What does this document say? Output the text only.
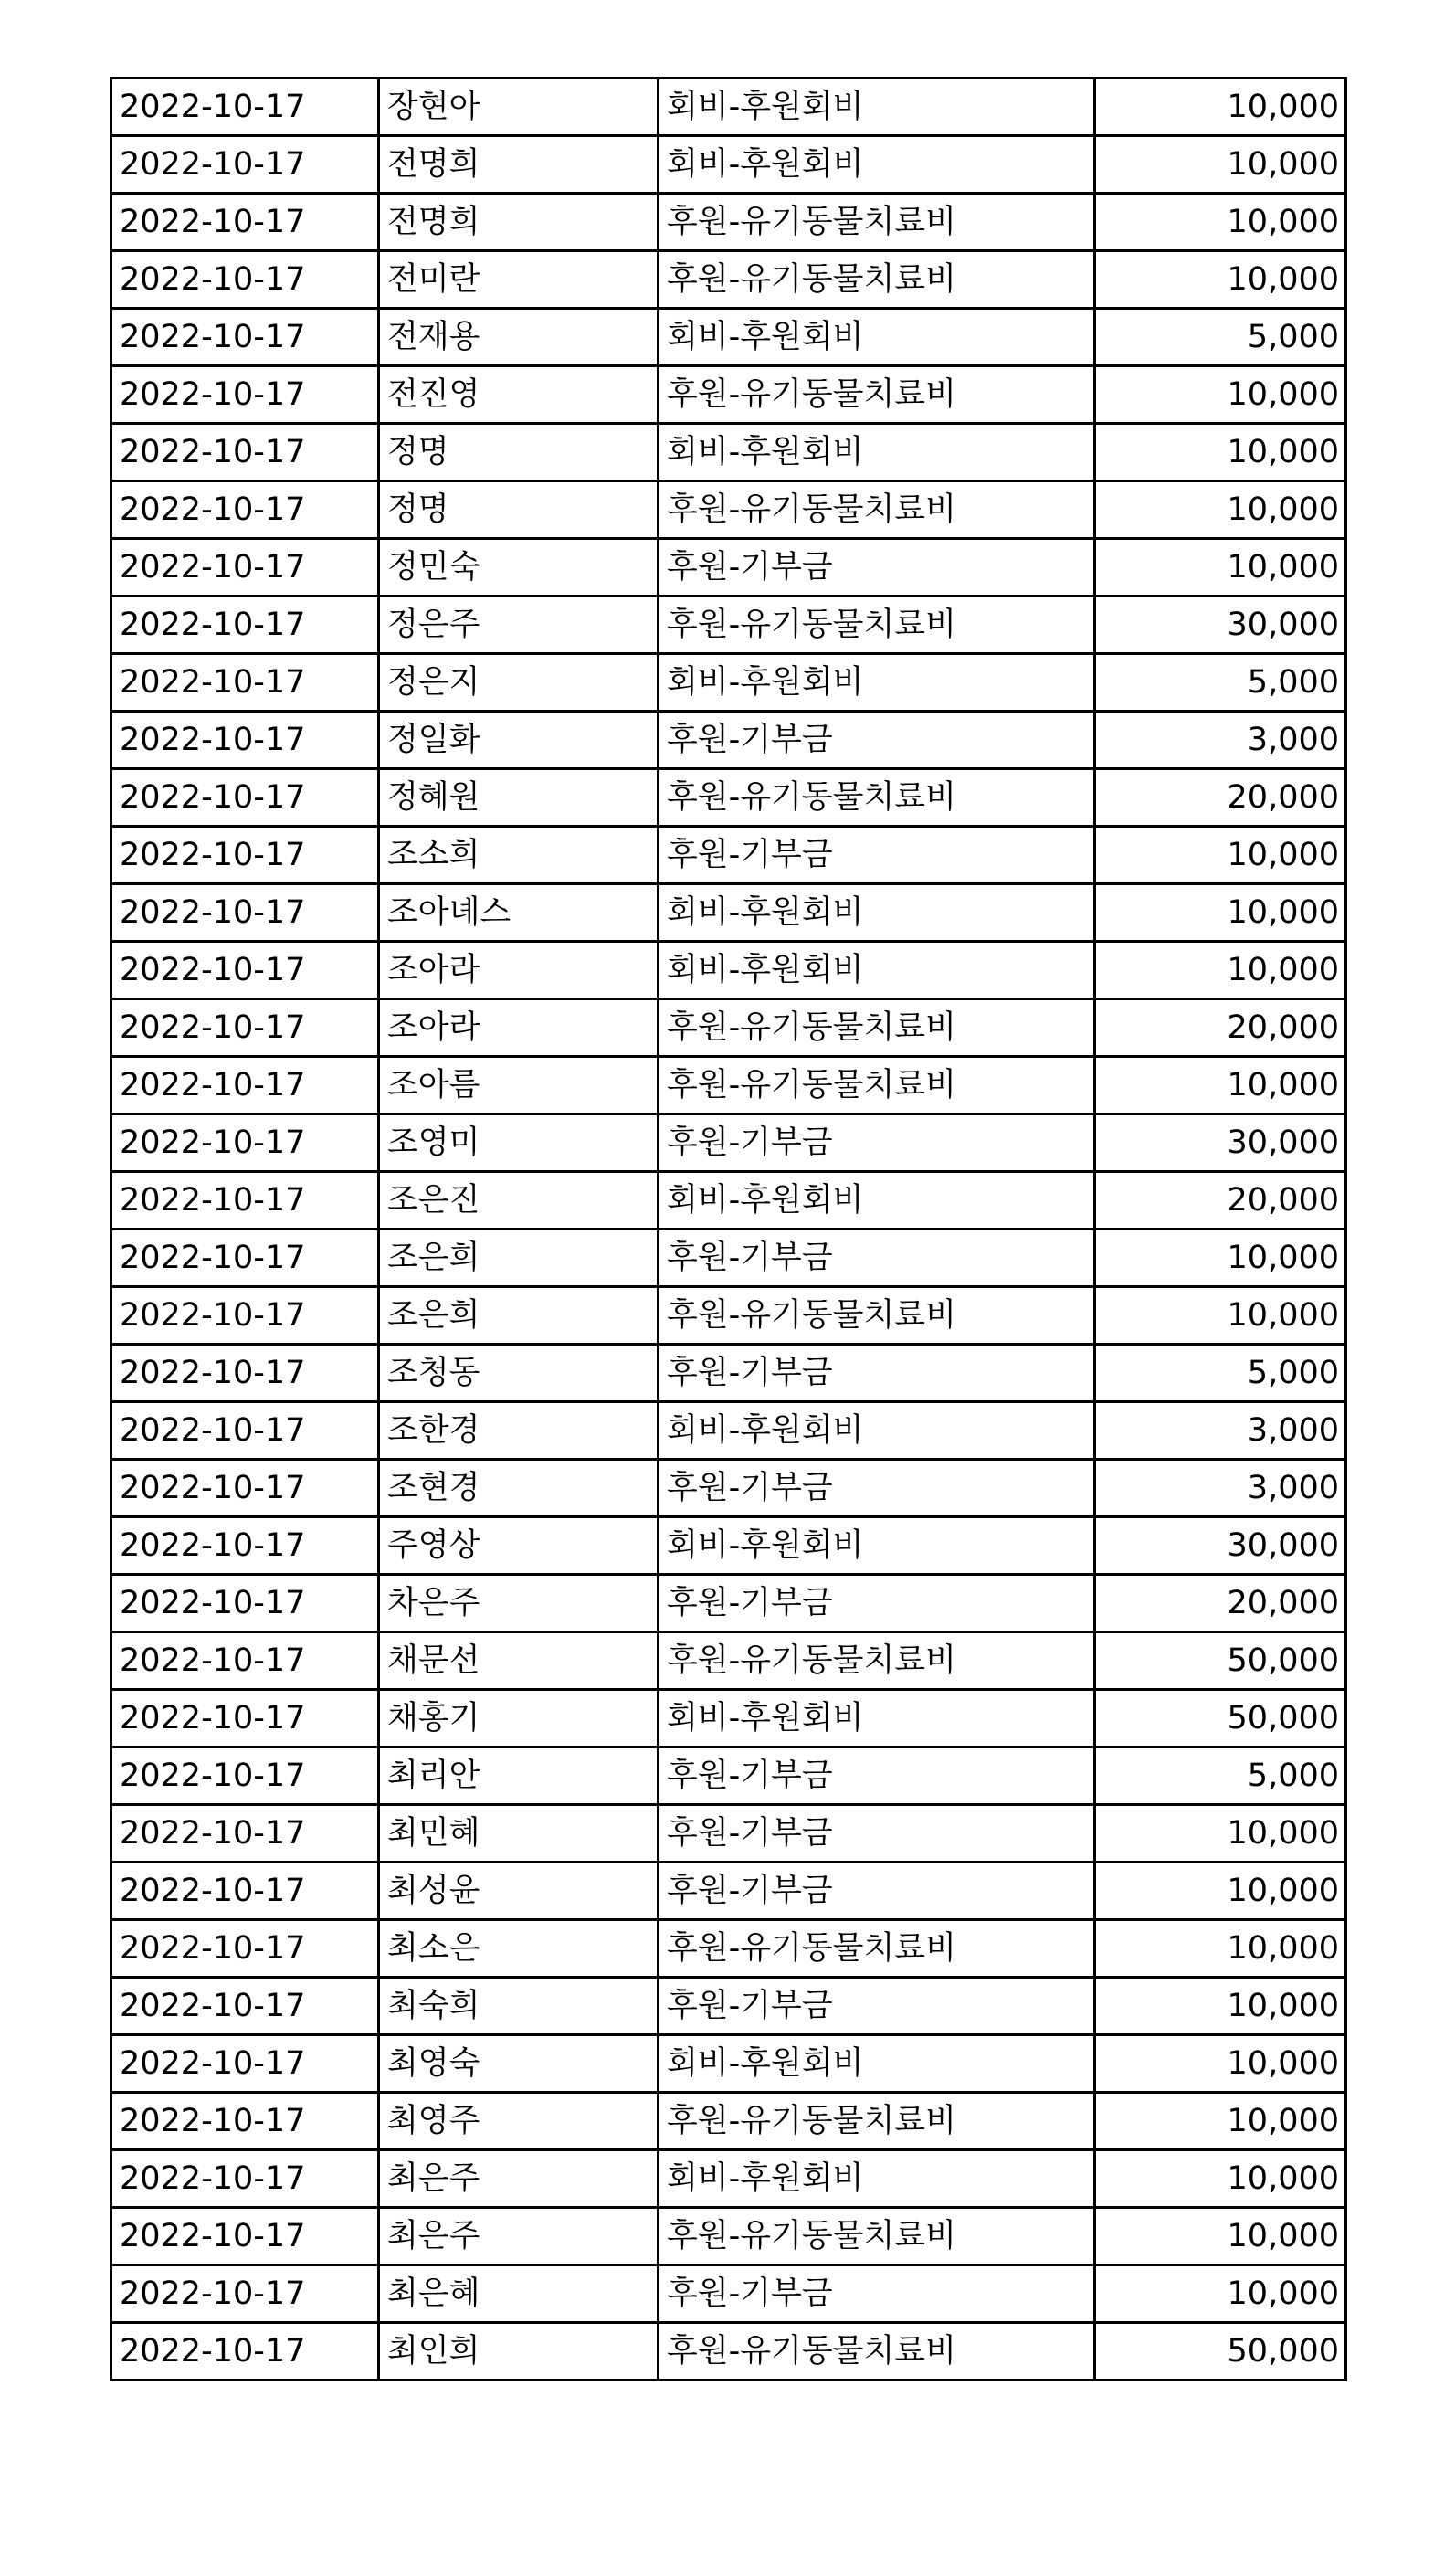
2022-10-17	장현아	회비-후원회비	10,000
2022-10-17	전명희	회비-후원회비	10,000
2022-10-17	전명희	후원-유기동물치료비	10,000
2022-10-17	전미란	후원-유기동물치료비	10,000
2022-10-17	전재용	회비-후원회비	5,000
2022-10-17	전진영	후원-유기동물치료비	10,000
2022-10-17	정명	회비-후원회비	10,000
2022-10-17	정명	후원-유기동물치료비	10,000
2022-10-17	정민숙	후원-기부금	10,000
2022-10-17	정은주	후원-유기동물치료비	30,000
2022-10-17	정은지	회비-후원회비	5,000
2022-10-17	정일화	후원-기부금	3,000
2022-10-17	정혜원	후원-유기동물치료비	20,000
2022-10-17	조소희	후원-기부금	10,000
2022-10-17	조아녜스	회비-후원회비	10,000
2022-10-17	조아라	회비-후원회비	10,000
2022-10-17	조아라	후원-유기동물치료비	20,000
2022-10-17	조아름	후원-유기동물치료비	10,000
2022-10-17	조영미	후원-기부금	30,000
2022-10-17	조은진	회비-후원회비	20,000
2022-10-17	조은희	후원-기부금	10,000
2022-10-17	조은희	후원-유기동물치료비	10,000
2022-10-17	조청동	후원-기부금	5,000
2022-10-17	조한경	회비-후원회비	3,000
2022-10-17	조현경	후원-기부금	3,000
2022-10-17	주영상	회비-후원회비	30,000
2022-10-17	차은주	후원-기부금	20,000
2022-10-17	채문선	후원-유기동물치료비	50,000
2022-10-17	채홍기	회비-후원회비	50,000
2022-10-17	최리안	후원-기부금	5,000
2022-10-17	최민혜	후원-기부금	10,000
2022-10-17	최성윤	후원-기부금	10,000
2022-10-17	최소은	후원-유기동물치료비	10,000
2022-10-17	최숙희	후원-기부금	10,000
2022-10-17	최영숙	회비-후원회비	10,000
2022-10-17	최영주	후원-유기동물치료비	10,000
2022-10-17	최은주	회비-후원회비	10,000
2022-10-17	최은주	후원-유기동물치료비	10,000
2022-10-17	최은혜	후원-기부금	10,000
2022-10-17	최인희	후원-유기동물치료비	50,000
